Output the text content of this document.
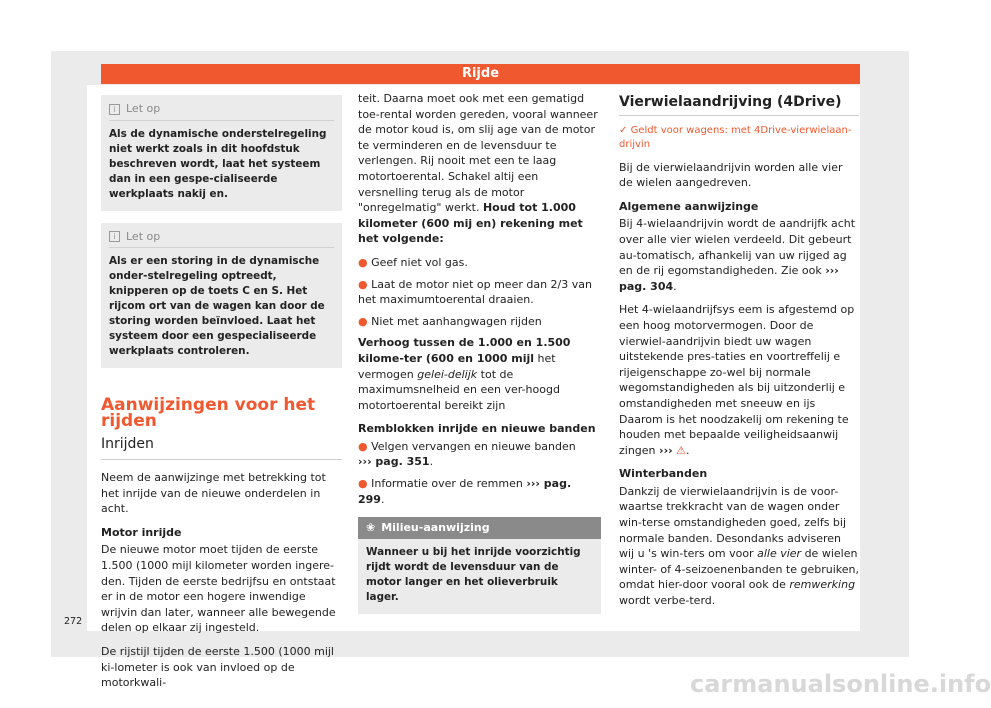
Rijde
i Let op
Als de dynamische onderstelregeling niet werkt zoals in dit hoofdstuk beschreven wordt, laat het systeem dan in een gespe-cialiseerde werkplaats nakij en.
i Let op
Als er een storing in de dynamische onder-stelregeling optreedt, knipperen op de toets C en S. Het rijcom ort van de wagen kan door de storing worden beïnvloed. Laat het systeem door een gespecialiseerde werkplaats controleren.
Aanwijzingen voor het rijden
Inrijden

Neem de aanwijzinge met betrekking tot het inrijde van de nieuwe onderdelen in acht.

Motor inrijde

De nieuwe motor moet tijden de eerste 1.500 (1000 mijl kilometer worden ingere-den. Tijden de eerste bedrijfsu en ontstaat er in de motor een hogere inwendige wrijvin dan later, wanneer alle bewegende delen op elkaar zij ingesteld.

De rijstijl tijden de eerste 1.500 (1000 mijl ki-lometer is ook van invloed op de motorkwali-

teit. Daarna moet ook met een gematigd toe-rental worden gereden, vooral wanneer de motor koud is, om slij age van de motor te verminderen en de levensduur te verlengen. Rij nooit met een te laag motortoerental. Schakel altij een versnelling terug als de motor "onregelmatig" werkt. Houd tot 1.000 kilometer (600 mij en) rekening met het volgende:

● Geef niet vol gas.
● Laat de motor niet op meer dan 2/3 van het maximumtoerental draaien.
● Niet met aanhangwagen rijden

Verhoog tussen de 1.000 en 1.500 kilome-ter (600 en 1000 mijl het vermogen gelei-delijk tot de maximumsnelheid en een ver-hoogd motortoerental bereikt zijn

Remblokken inrijde en nieuwe banden

● Velgen vervangen en nieuwe banden
››› pag. 351.
● Informatie over de remmen ››› pag. 299.
❀ Milieu-aanwijzing
Wanneer u bij het inrijde voorzichtig rijdt wordt de levensduur van de motor langer en het olieverbruik lager.
Vierwielaandrijving (4Drive)

✓ Geldt voor wagens: met 4Drive-vierwielaan-drijvin

Bij de vierwielaandrijvin worden alle vier de wielen aangedreven.

Algemene aanwijzinge

Bij 4-wielaandrijvin wordt de aandrijfk acht over alle vier wielen verdeeld. Dit gebeurt au-tomatisch, afhankelij van uw rijged ag en de rij egomstandigheden. Zie ook ››› pag. 304.

Het 4-wielaandrijfsys eem is afgestemd op een hoog motorvermogen. Door de vierwiel-aandrijvin biedt uw wagen uitstekende pres-taties en voortreffelij e rijeigenschappe zo-wel bij normale wegomstandigheden als bij uitzonderlij e omstandigheden met sneeuw en ijs Daarom is het noodzakelij om rekening te houden met bepaalde veiligheidsaanwij zingen ››› ⚠.

Winterbanden

Dankzij de vierwielaandrijvin is de voor-waartse trekkracht van de wagen onder win-terse omstandigheden goed, zelfs bij normale banden. Desondanks adviseren wij u 's win-ters om voor alle vier de wielen winter- of 4-seizoenenbanden te gebruiken, omdat hier-door vooral ook de remwerking wordt verbe-terd.

272
carmanualsonline.info
